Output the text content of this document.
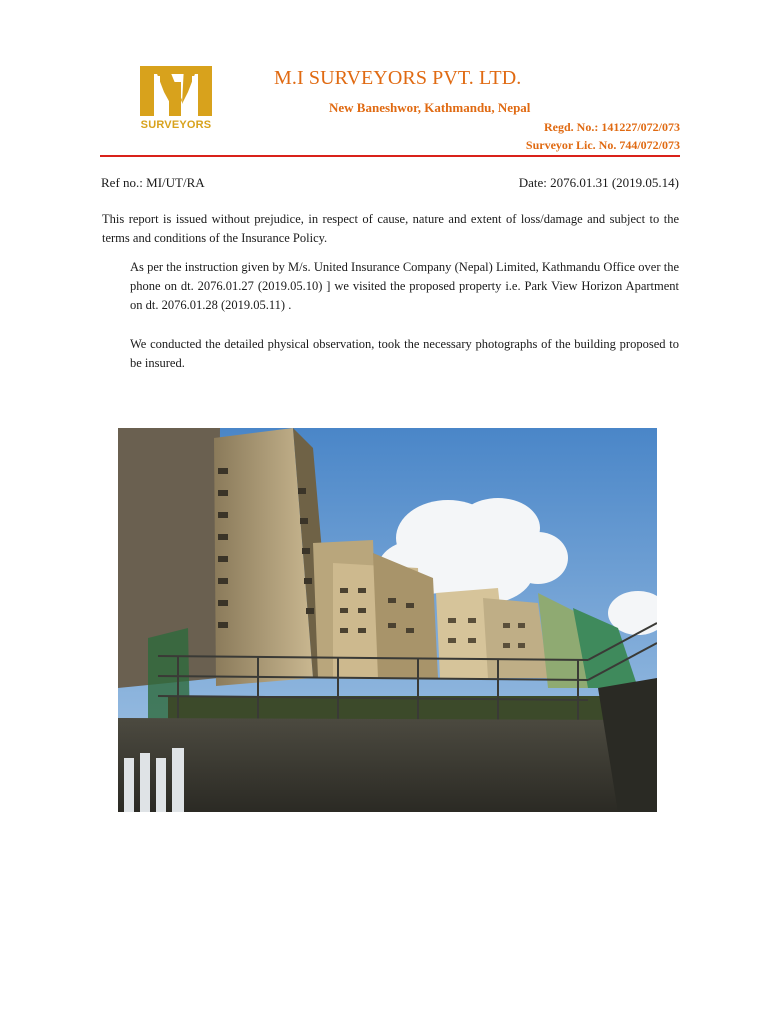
SURVEYORS
M.I SURVEYORS PVT. LTD.
New Baneshwor, Kathmandu, Nepal
Regd. No.: 141227/072/073
Surveyor Lic. No. 744/072/073
Ref no.: MI/UT/RA	Date: 2076.01.31 (2019.05.14)

This report is issued without prejudice, in respect of cause, nature and extent of loss/damage and subject to the terms and conditions of the Insurance Policy.

As per the instruction given by M/s. United Insurance Company (Nepal) Limited, Kathmandu Office over the phone on dt. 2076.01.27 (2019.05.10) ] we visited the proposed property i.e. Park View Horizon Apartment on dt. 2076.01.28 (2019.05.11) .

We conducted the detailed physical observation, took the necessary photographs of the building proposed to be insured.
